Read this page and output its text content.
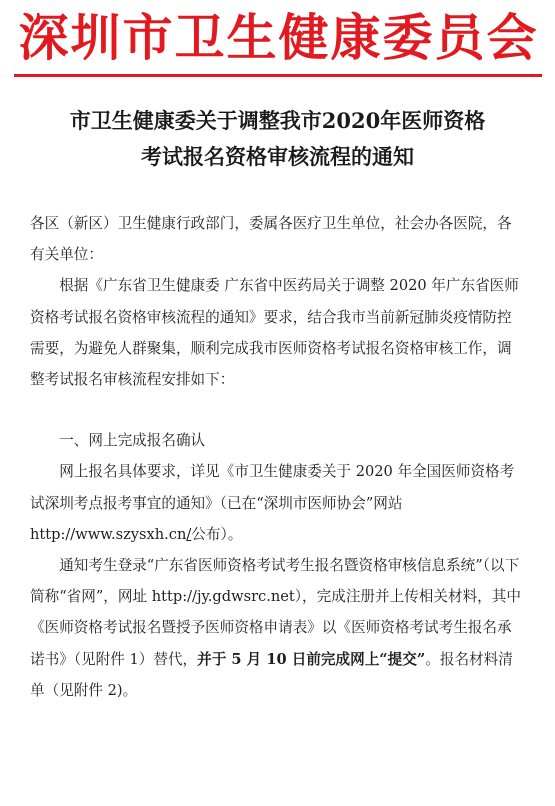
深圳市卫生健康委员会
市卫生健康委关于调整我市2020年医师资格
考试报名资格审核流程的通知

各区（新区）卫生健康行政部门，委属各医疗卫生单位，社会办各医院，各有关单位：

根据《广东省卫生健康委 广东省中医药局关于调整 2020 年广东省医师资格考试报名资格审核流程的通知》要求，结合我市当前新冠肺炎疫情防控需要，为避免人群聚集，顺利完成我市医师资格考试报名资格审核工作，调整考试报名审核流程安排如下：

一、网上完成报名确认

网上报名具体要求，详见《市卫生健康委关于 2020 年全国医师资格考试深圳考点报考事宜的通知》（已在“深圳市医师协会”网站 http://www.szysxh.cn/公布）。

通知考生登录“广东省医师资格考试考生报名暨资格审核信息系统”（以下简称“省网”，网址 http://jy.gdwsrc.net），完成注册并上传相关材料，其中《医师资格考试报名暨授予医师资格申请表》以《医师资格考试考生报名承诺书》（见附件 1）替代，并于 5 月 10 日前完成网上“提交”。报名材料清单（见附件 2)。
